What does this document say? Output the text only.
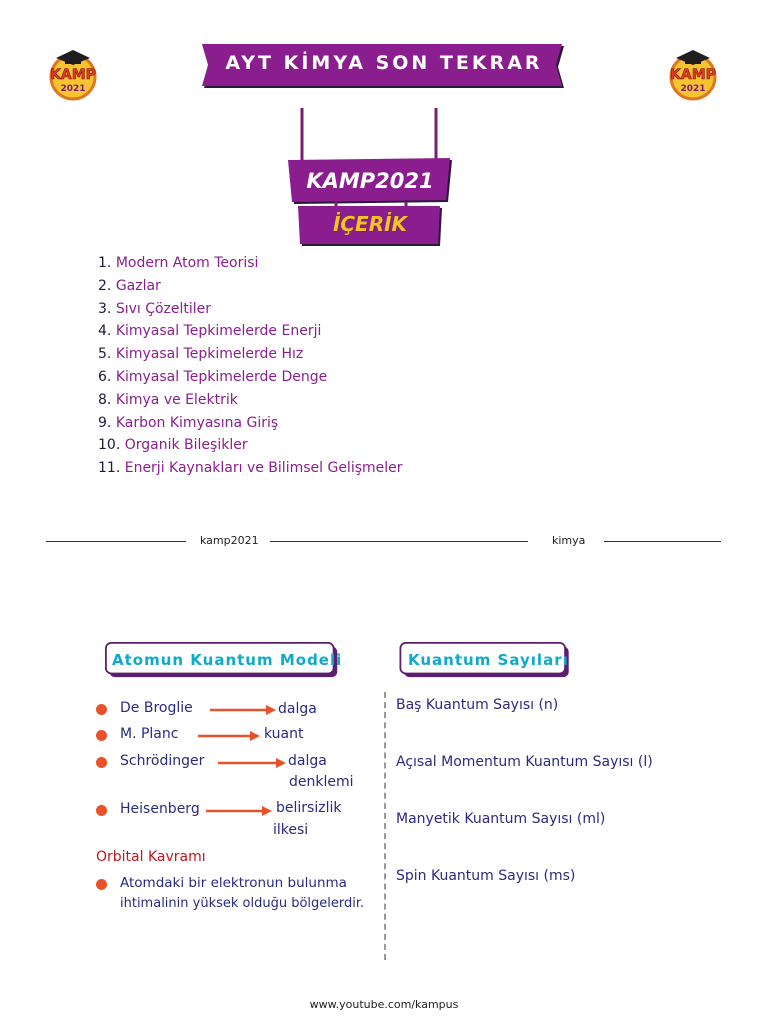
KAMP
2021
KAMP
2021
AYT KİMYA SON TEKRAR
KAMP2021
İÇERİK
1. Modern Atom Teorisi
2. Gazlar
3. Sıvı Çözeltiler
4. Kimyasal Tepkimelerde Enerji
5. Kimyasal Tepkimelerde Hız
6. Kimyasal Tepkimelerde Denge
8. Kimya ve Elektrik
9. Karbon Kimyasına Giriş
10. Organik Bileşikler
11. Enerji Kaynakları ve Bilimsel Gelişmeler
kamp2021	kimya
Atomun Kuantum Modeli	Kuantum Sayıları
De Broglie	dalga
M. Planc	kuant
Schrödinger	dalga
denklemi
Heisenberg	belirsizlik
ilkesi
Orbital Kavramı
Atomdaki bir elektronun bulunma
ihtimalinin yüksek olduğu bölgelerdir.
Baş Kuantum Sayısı (n)
Açısal Momentum Kuantum Sayısı (l)
Manyetik Kuantum Sayısı (ml)
Spin Kuantum Sayısı (ms)
www.youtube.com/kampus
